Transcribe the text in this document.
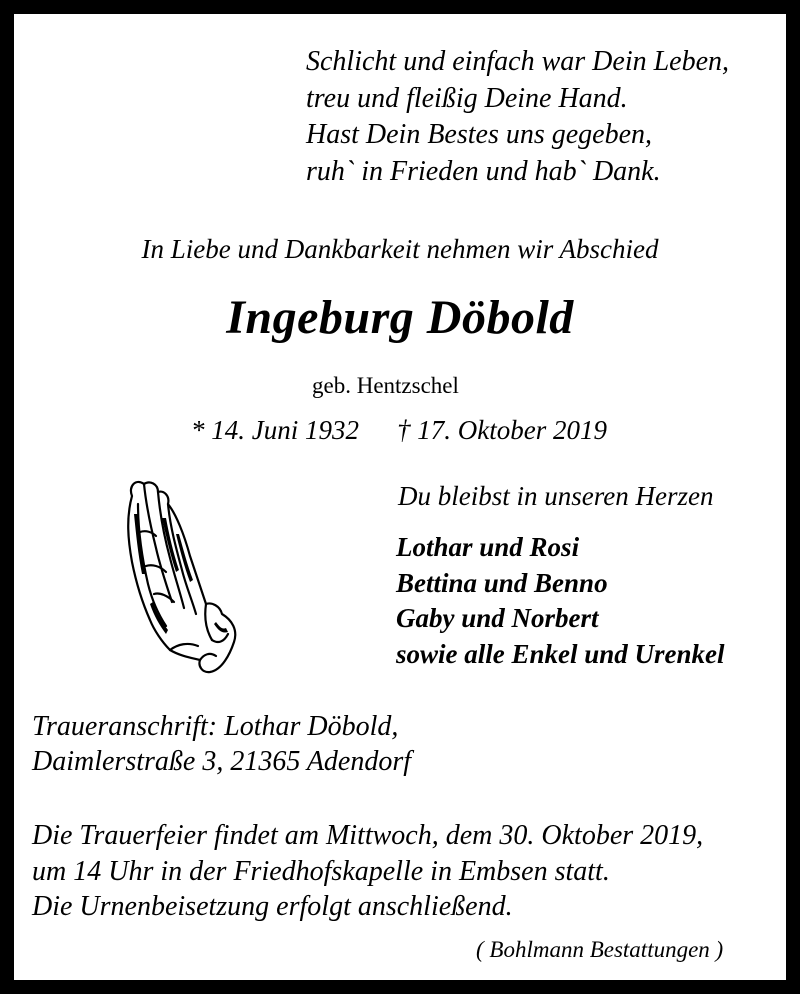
Schlicht und einfach war Dein Leben,
treu und fleißig Deine Hand.
Hast Dein Bestes uns gegeben,
ruh` in Frieden und hab` Dank.
In Liebe und Dankbarkeit nehmen wir Abschied
Ingeburg Döbold
geb. Hentzschel
* 14. Juni 1932 † 17. Oktober 2019
Du bleibst in unseren Herzen
Lothar und Rosi
Bettina und Benno
Gaby und Norbert
sowie alle Enkel und Urenkel
Traueranschrift: Lothar Döbold,
Daimlerstraße 3, 21365 Adendorf
Die Trauerfeier findet am Mittwoch, dem 30. Oktober 2019,
um 14 Uhr in der Friedhofskapelle in Embsen statt.
Die Urnenbeisetzung erfolgt anschließend.
( Bohlmann Bestattungen )
